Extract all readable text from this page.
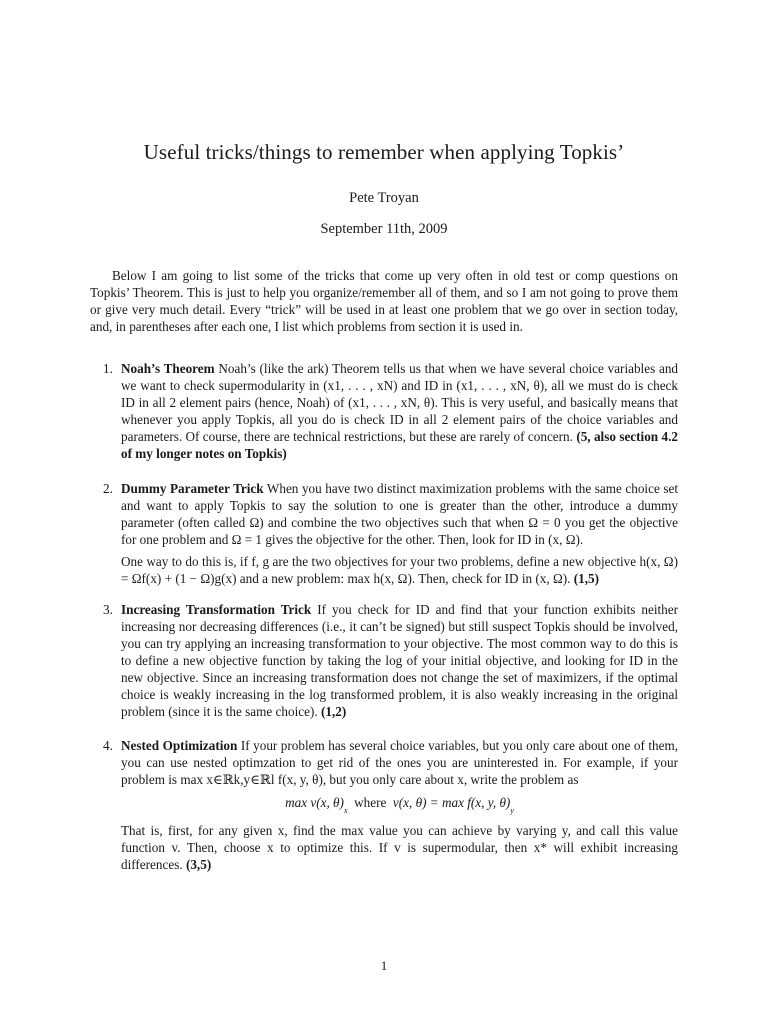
Useful tricks/things to remember when applying Topkis’
Pete Troyan
September 11th, 2009
Below I am going to list some of the tricks that come up very often in old test or comp questions on Topkis’ Theorem. This is just to help you organize/remember all of them, and so I am not going to prove them or give very much detail. Every “trick” will be used in at least one problem that we go over in section today, and, in parentheses after each one, I list which problems from section it is used in.
1. Noah’s Theorem Noah’s (like the ark) Theorem tells us that when we have several choice variables and we want to check supermodularity in (x1, . . . , xN) and ID in (x1, . . . , xN, θ), all we must do is check ID in all 2 element pairs (hence, Noah) of (x1, . . . , xN, θ). This is very useful, and basically means that whenever you apply Topkis, all you do is check ID in all 2 element pairs of the choice variables and parameters. Of course, there are technical restrictions, but these are rarely of concern. (5, also section 4.2 of my longer notes on Topkis)
2. Dummy Parameter Trick When you have two distinct maximization problems with the same choice set and want to apply Topkis to say the solution to one is greater than the other, introduce a dummy parameter (often called Ω) and combine the two objectives such that when Ω = 0 you get the objective for one problem and Ω = 1 gives the objective for the other. Then, look for ID in (x, Ω).
One way to do this is, if f, g are the two objectives for your two problems, define a new objective h(x, Ω) = Ωf(x) + (1 − Ω)g(x) and a new problem: max h(x, Ω). Then, check for ID in (x, Ω). (1,5)
3. Increasing Transformation Trick If you check for ID and find that your function exhibits neither increasing nor decreasing differences (i.e., it can’t be signed) but still suspect Topkis should be involved, you can try applying an increasing transformation to your objective. The most common way to do this is to define a new objective function by taking the log of your initial objective, and looking for ID in the new objective. Since an increasing transformation does not change the set of maximizers, if the optimal choice is weakly increasing in the log transformed problem, it is also weakly increasing in the original problem (since it is the same choice). (1,2)
4. Nested Optimization If your problem has several choice variables, but you only care about one of them, you can use nested optimzation to get rid of the ones you are uninterested in. For example, if your problem is max x∈ℝk,y∈ℝl f(x, y, θ), but you only care about x, write the problem as
max v(x, $\theta)_x$  where v(x, θ) = max f(x, y, $\theta)_y$
That is, first, for any given x, find the max value you can achieve by varying y, and call this value function v. Then, choose x to optimize this. If v is supermodular, then x* will exhibit increasing differences. (3,5)
1
